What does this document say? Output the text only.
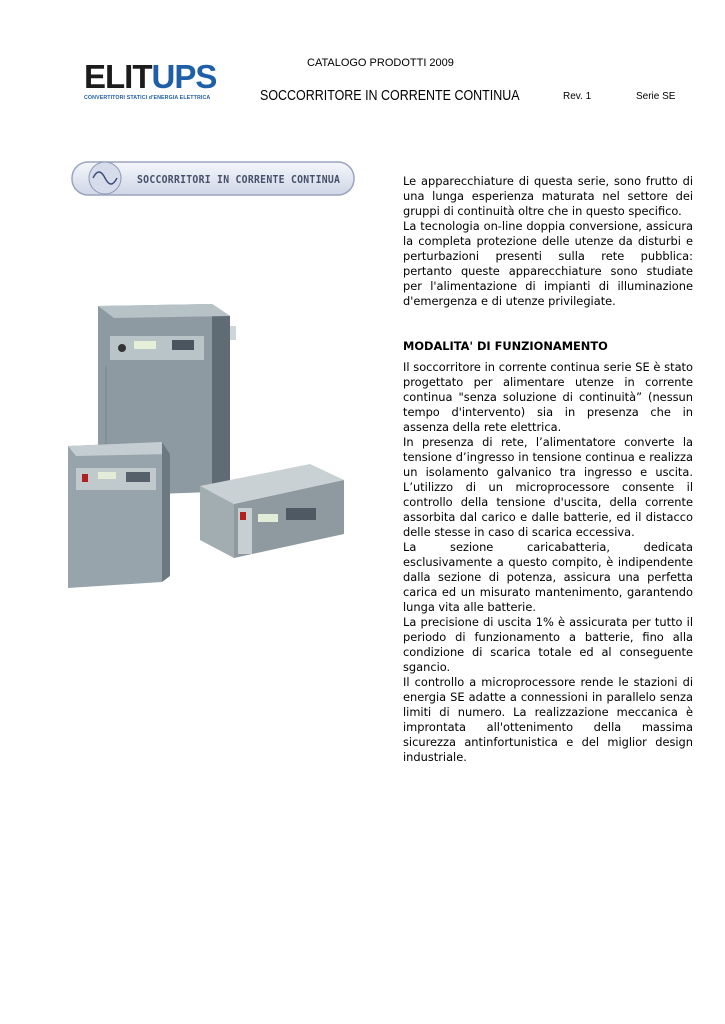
CATALOGO PRODOTTI 2009
ELITUPS
CONVERTITORI STATICI d'ENERGIA ELETTRICA	SOCCORRITORE IN CORRENTE CONTINUA	Rev. 1	Serie SE
SOCCORRITORI IN CORRENTE CONTINUA	Le apparecchiature di questa serie, sono frutto di una lunga esperienza maturata nel settore dei gruppi di continuità oltre che in questo specifico.

La tecnologia on-line doppia conversione, assicura la completa protezione delle utenze da disturbi e perturbazioni presenti sulla rete pubblica: pertanto queste apparecchiature sono studiate per l'alimentazione di impianti di illuminazione d'emergenza e di utenze privilegiate.

MODALITA' DI FUNZIONAMENTO

Il soccorritore in corrente continua serie SE è stato progettato per alimentare utenze in corrente continua "senza soluzione di continuità” (nessun tempo d'intervento) sia in presenza che in assenza della rete elettrica.

In presenza di rete, l’alimentatore converte la tensione d’ingresso in tensione continua e realizza un isolamento galvanico tra ingresso e uscita. L’utilizzo di un microprocessore consente il controllo della tensione d'uscita, della corrente assorbita dal carico e dalle batterie, ed il distacco delle stesse in caso di scarica eccessiva.

La sezione caricabatteria, dedicata esclusivamente a questo compito, è indipendente dalla sezione di potenza, assicura una perfetta carica ed un misurato mantenimento, garantendo lunga vita alle batterie.

La precisione di uscita 1% è assicurata per tutto il periodo di funzionamento a batterie, fino alla condizione di scarica totale ed al conseguente sgancio.

Il controllo a microprocessore rende le stazioni di energia SE adatte a connessioni in parallelo senza limiti di numero. La realizzazione meccanica è improntata all'ottenimento della massima sicurezza antinfortunistica e del miglior design industriale.
